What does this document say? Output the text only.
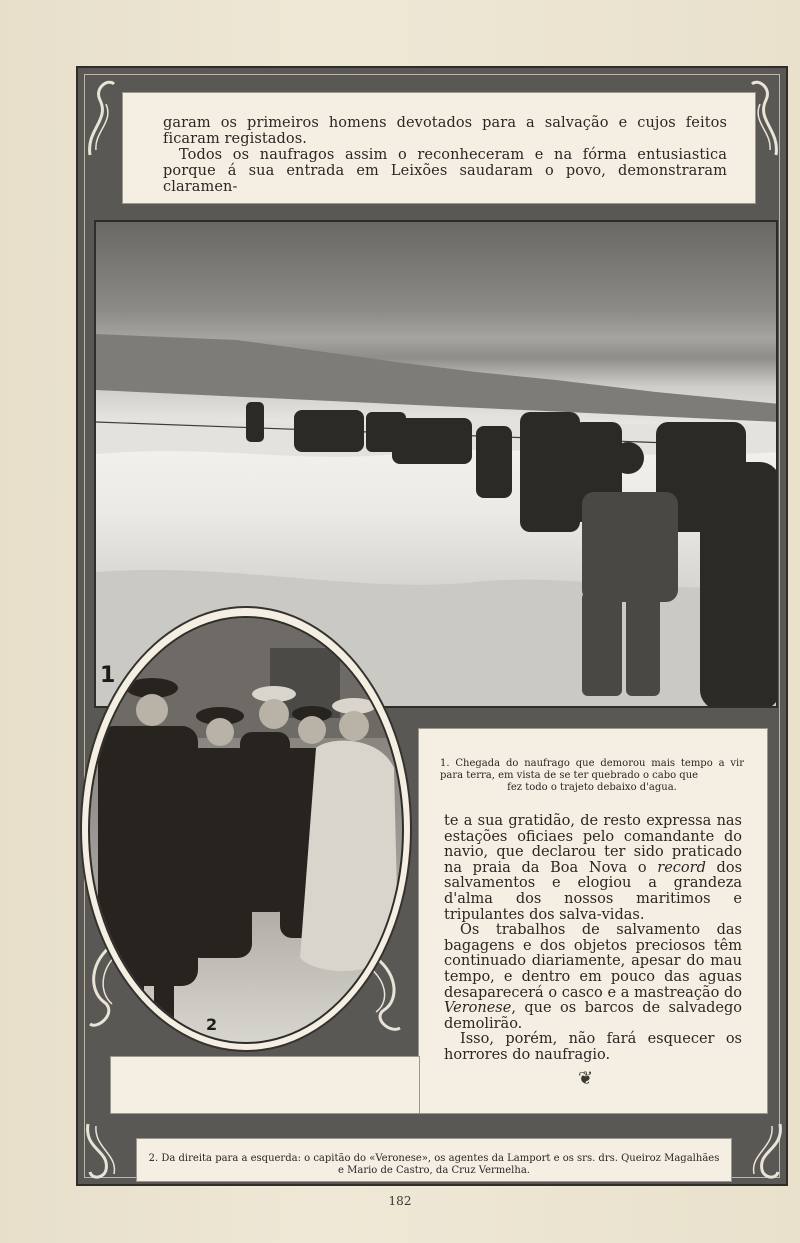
garam os primeiros homens devotados para a salvação e cujos feitos ficaram registados.

Todos os naufragos assim o reconheceram e na fórma entusiastica porque á sua entrada em Leixões saudaram o povo, demonstraram claramen-

1
2
1. Chegada do naufrago que demorou mais tempo a vir para terra, em vista de se ter quebrado o cabo que
fez todo o trajeto debaixo d'agua.

te a sua gratidão, de resto expressa nas estações oficiaes pelo comandante do navio, que declarou ter sido praticado na praia da Boa Nova o record dos salvamentos e elogiou a grandeza d'alma dos nossos maritimos e tripulantes dos salva-vidas.

Os trabalhos de salvamento das bagagens e dos objetos preciosos têm continuado diariamente, apesar do mau tempo, e dentro em pouco das aguas desaparecerá o casco e a mastreação do Veronese, que os barcos de salvadego demolirão.

Isso, porém, não fará esquecer os horrores do naufragio.

❦

2. Da direita para a esquerda: o capitão do «Veronese», os agentes da Lamport e os srs. drs. Queiroz Magalhães

e Mario de Castro, da Cruz Vermelha.

182
